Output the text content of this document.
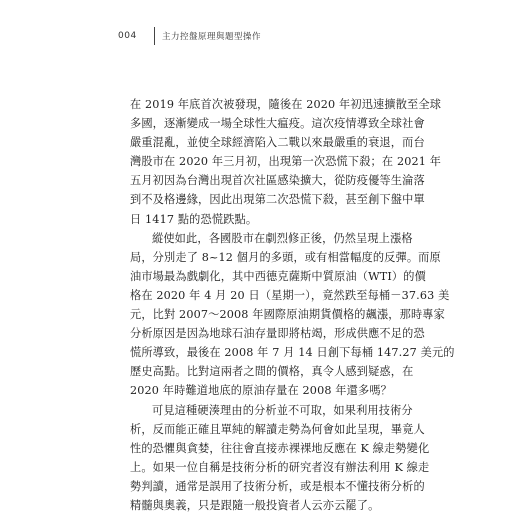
004	主力控盤原理與題型操作

在 2019 年底首次被發現，隨後在 2020 年初迅速擴散至全球
多國，逐漸變成一場全球性大瘟疫。這次疫情導致全球社會
嚴重混亂，並使全球經濟陷入二戰以來最嚴重的衰退，而台
灣股市在 2020 年三月初，出現第一次恐慌下殺；在 2021 年
五月初因為台灣出現首次社區感染擴大，從防疫優等生淪落
到不及格邊緣，因此出現第二次恐慌下殺，甚至創下盤中單
日 1417 點的恐慌跌點。

縱使如此，各國股市在劇烈修正後，仍然呈現上漲格
局，分別走了 8~12 個月的多頭，或有相當幅度的反彈。而原
油市場最為戲劇化，其中西德克薩斯中質原油（WTI）的價
格在 2020 年 4 月 20 日（星期一），竟然跌至每桶－37.63 美
元，比對 2007～2008 年國際原油期貨價格的飆漲，那時專家
分析原因是因為地球石油存量即將枯竭，形成供應不足的恐
慌所導致，最後在 2008 年 7 月 14 日創下每桶 147.27 美元的
歷史高點。比對這兩者之間的價格，真令人感到疑惑，在
2020 年時難道地底的原油存量在 2008 年還多嗎？

可見這種硬湊理由的分析並不可取，如果利用技術分
析，反而能正確且單純的解讀走勢為何會如此呈現，畢竟人
性的恐懼與貪婪，往往會直接赤裸裸地反應在 K 線走勢變化
上。如果一位自稱是技術分析的研究者沒有辦法利用 K 線走
勢判讀，通常是誤用了技術分析，或是根本不懂技術分析的
精髓與奧義，只是跟隨一般投資者人云亦云罷了。
